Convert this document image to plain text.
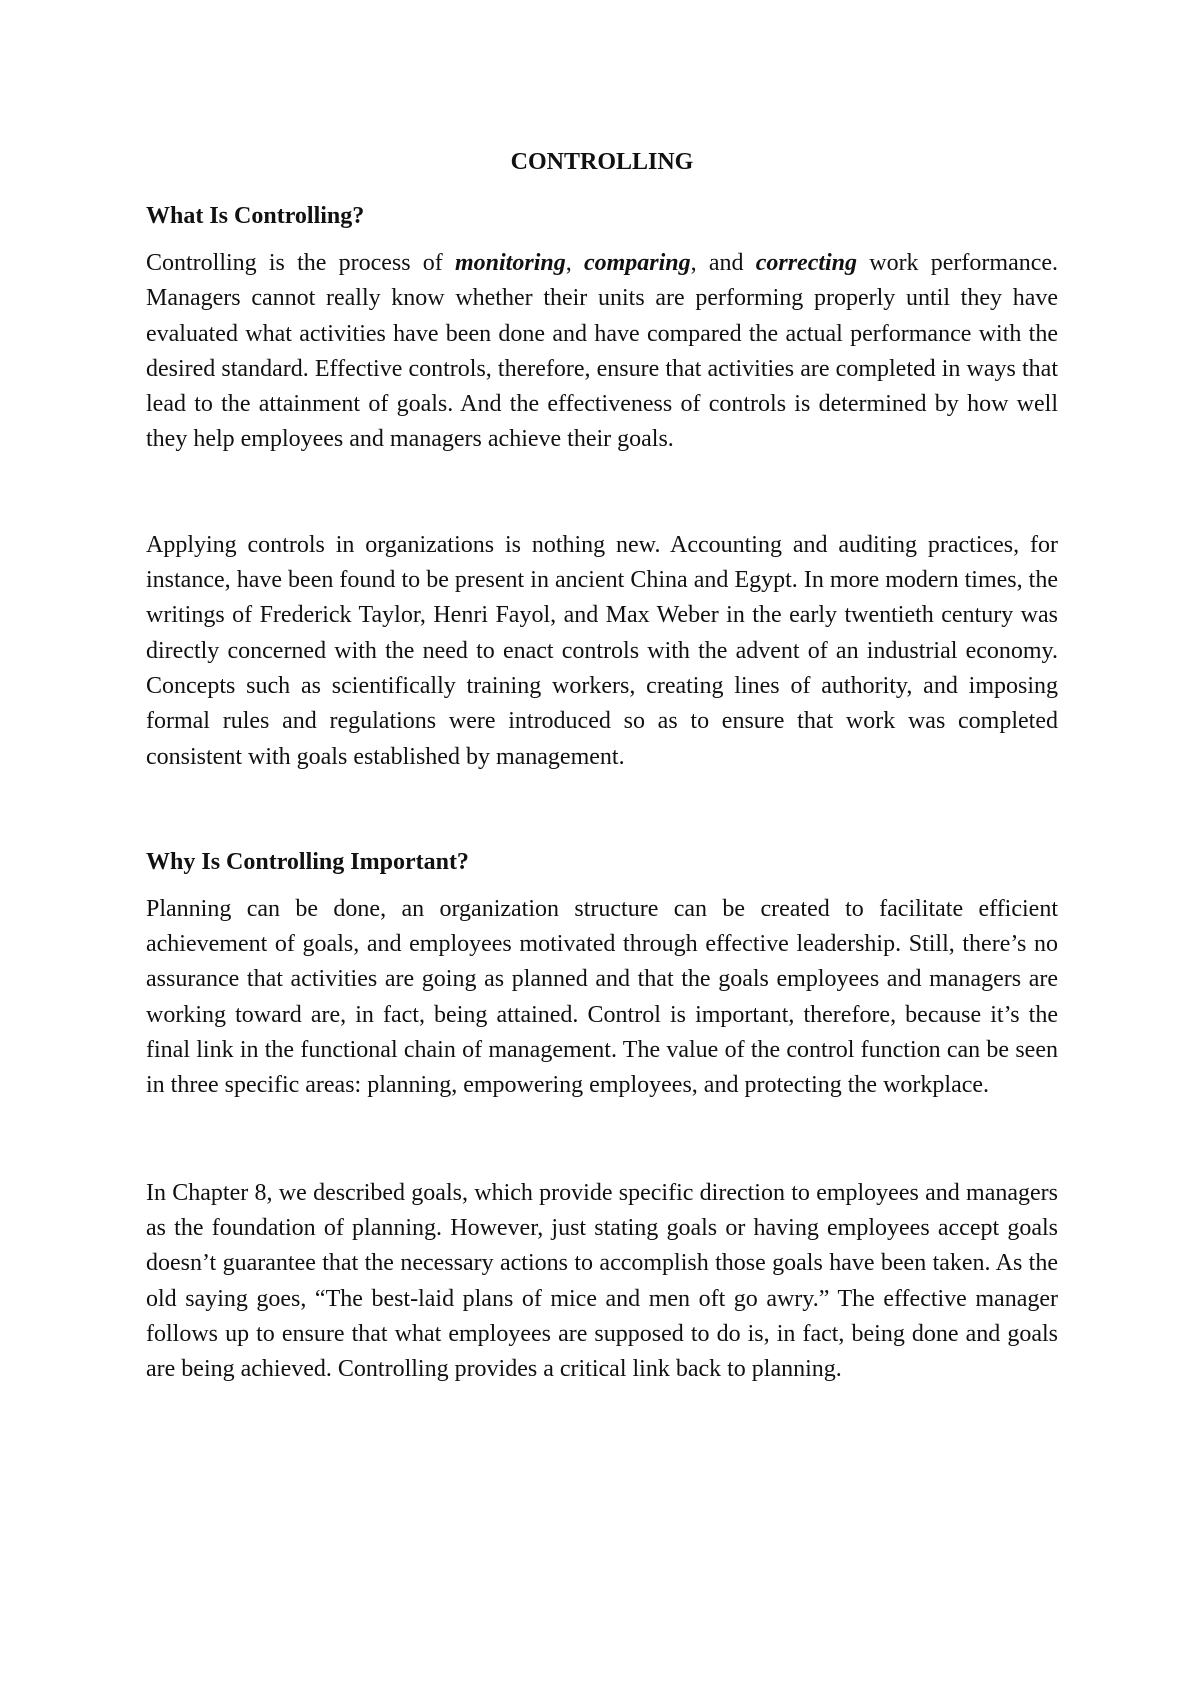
CONTROLLING
What Is Controlling?

Controlling is the process of monitoring, comparing, and correcting work performance. Managers cannot really know whether their units are performing properly until they have evaluated what activities have been done and have compared the actual performance with the desired standard. Effective controls, therefore, ensure that activities are completed in ways that lead to the attainment of goals. And the effectiveness of controls is determined by how well they help employees and managers achieve their goals.

Applying controls in organizations is nothing new. Accounting and auditing practices, for instance, have been found to be present in ancient China and Egypt. In more modern times, the writings of Frederick Taylor, Henri Fayol, and Max Weber in the early twentieth century was directly concerned with the need to enact controls with the advent of an industrial economy. Concepts such as scientifically training workers, creating lines of authority, and imposing formal rules and regulations were introduced so as to ensure that work was completed consistent with goals established by management.

Why Is Controlling Important?

Planning can be done, an organization structure can be created to facilitate efficient achievement of goals, and employees motivated through effective leadership. Still, there’s no assurance that activities are going as planned and that the goals employees and managers are working toward are, in fact, being attained. Control is important, therefore, because it’s the final link in the functional chain of management. The value of the control function can be seen in three specific areas: planning, empowering employees, and protecting the workplace.

In Chapter 8, we described goals, which provide specific direction to employees and managers as the foundation of planning. However, just stating goals or having employees accept goals doesn’t guarantee that the necessary actions to accomplish those goals have been taken. As the old saying goes, “The best-laid plans of mice and men oft go awry.” The effective manager follows up to ensure that what employees are supposed to do is, in fact, being done and goals are being achieved. Controlling provides a critical link back to planning.
